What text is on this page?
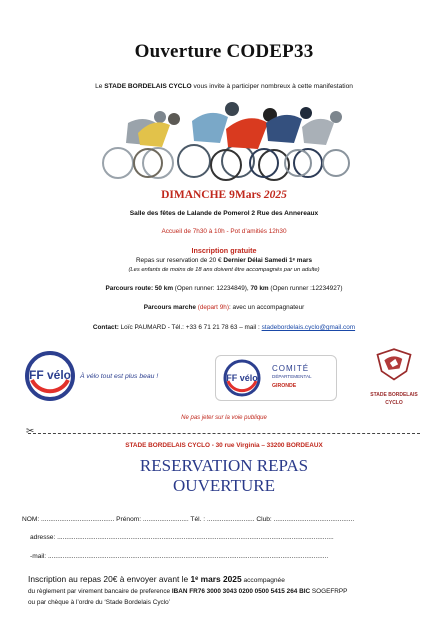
Ouverture CODEP33
Le STADE BORDELAIS CYCLO vous invite à participer nombreux à cette manifestation
DIMANCHE 9Mars 2025
Salle des fêtes de Lalande de Pomerol 2 Rue des Annereaux
Accueil de 7h30 à 10h - Pot d’amitiés 12h30
Inscription gratuite
Repas sur reservation de 20 € Dernier Délai Samedi 1ᵉ mars
(Les enfants de moins de 18 ans doivent être accompagnés par un adulte)
Parcours route: 50 km (Open runner: 12234849), 70 km (Open runner :12234927)
Parcours marche (depart 9h): avec un accompagnateur
Contact: Loïc PAUMARD - Tél.: +33 6 71 21 78 63 – mail : stadebordelais.cyclo@gmail.com
FF vélo À vélo tout est plus beau !	FF vélo
COMITÉ
DÉPARTEMENTAL
GIRONDE
STADE BORDELAIS
CYCLO
Ne pas jeter sur la voie publique
✂
STADE BORDELAIS CYCLO - 30 rue Virginia – 33200 BORDEAUX
RESERVATION REPAS
OUVERTURE
NOM: ........................................ Prénom: ......................... Tél. : .......................... Club: ............................................
adresse: .......................................................................................................................................................
-mail: .........................................................................................................................................................
Inscription au repas 20€ à envoyer avant le 1ᵉ mars 2025 accompagnée
du règlement par virement bancaire de preference IBAN FR76 3000 3043 0200 0500 5415 264 BIC SOGEFRPP
ou par chèque à l’ordre du ‘Stade Bordelais Cyclo’
